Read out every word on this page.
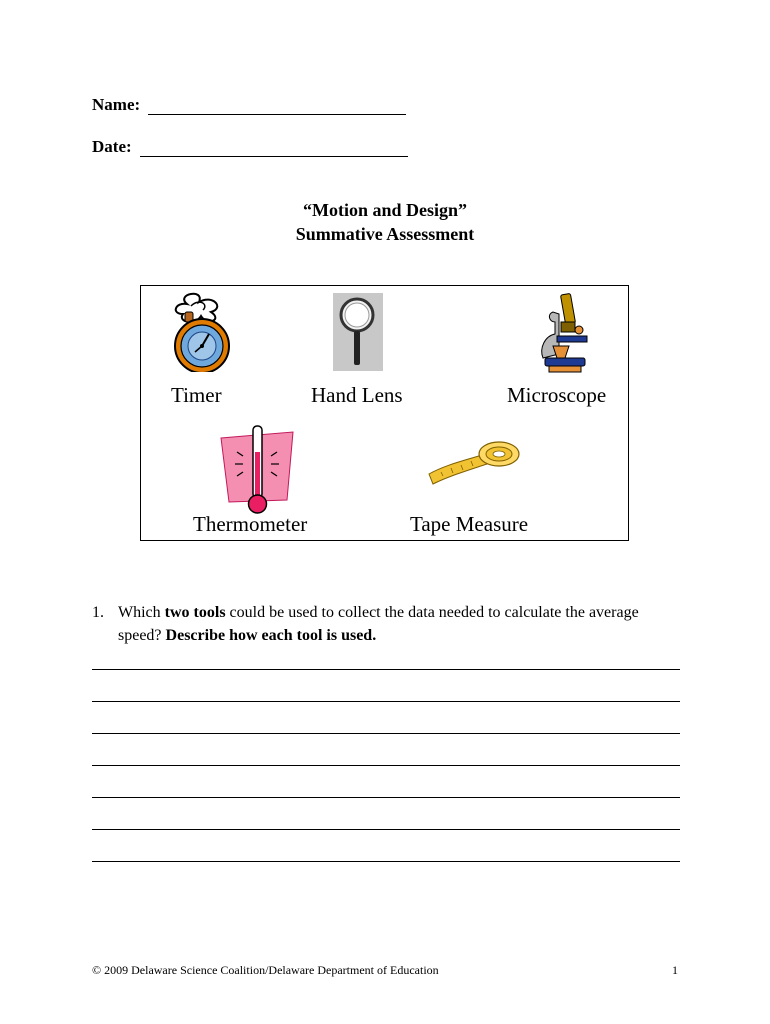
Name:
Date:
“Motion and Design”
Summative Assessment
Timer	Hand Lens	Microscope
Thermometer	Tape Measure
1. Which two tools could be used to collect the data needed to calculate the average speed? Describe how each tool is used.
© 2009 Delaware Science Coalition/Delaware Department of Education	1
